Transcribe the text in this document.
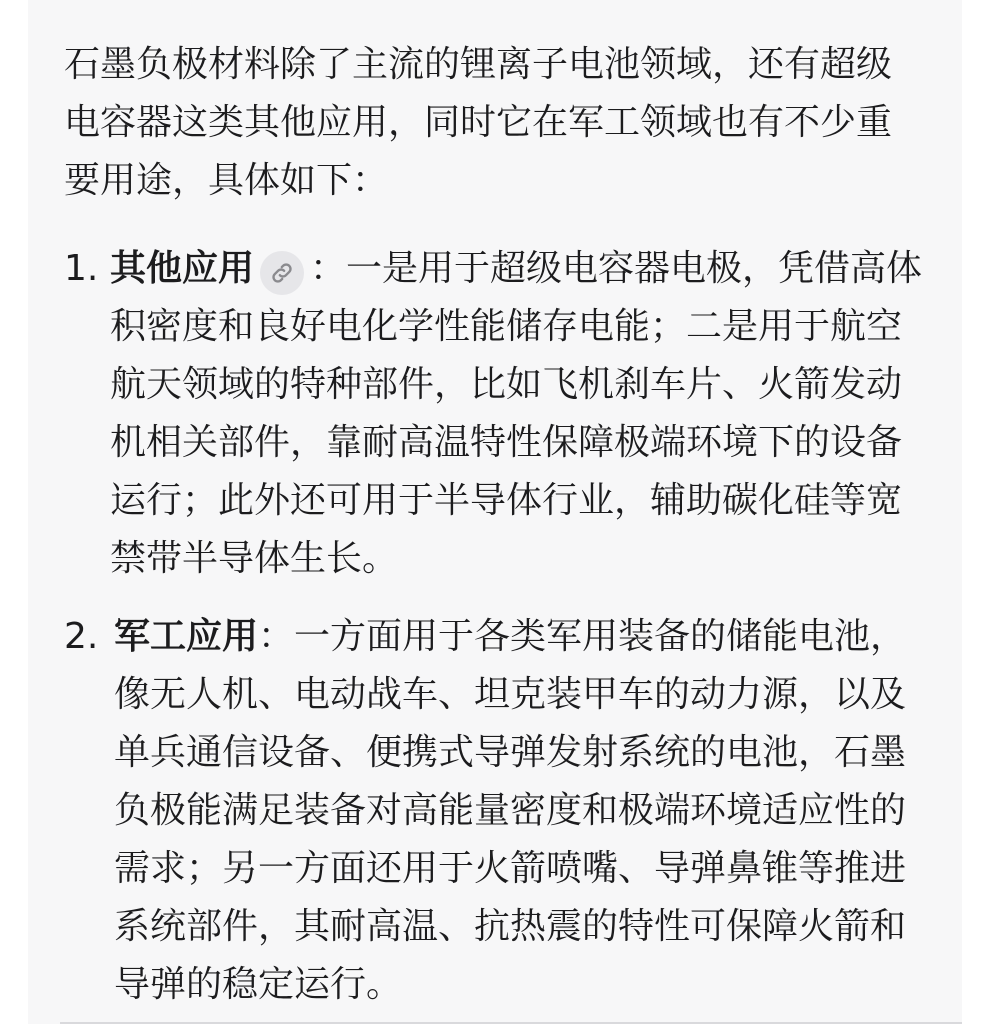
石墨负极材料除了主流的锂离子电池领域，还有超级电容器这类其他应用，同时它在军工领域也有不少重要用途，具体如下：

1. 其他应用 ：一是用于超级电容器电极，凭借高体积密度和良好电化学性能储存电能；二是用于航空航天领域的特种部件，比如飞机刹车片、火箭发动机相关部件，靠耐高温特性保障极端环境下的设备运行；此外还可用于半导体行业，辅助碳化硅等宽禁带半导体生长。
2. 军工应用：一方面用于各类军用装备的储能电池，像无人机、电动战车、坦克装甲车的动力源，以及单兵通信设备、便携式导弹发射系统的电池，石墨负极能满足装备对高能量密度和极端环境适应性的需求；另一方面还用于火箭喷嘴、导弹鼻锥等推进系统部件，其耐高温、抗热震的特性可保障火箭和导弹的稳定运行。
